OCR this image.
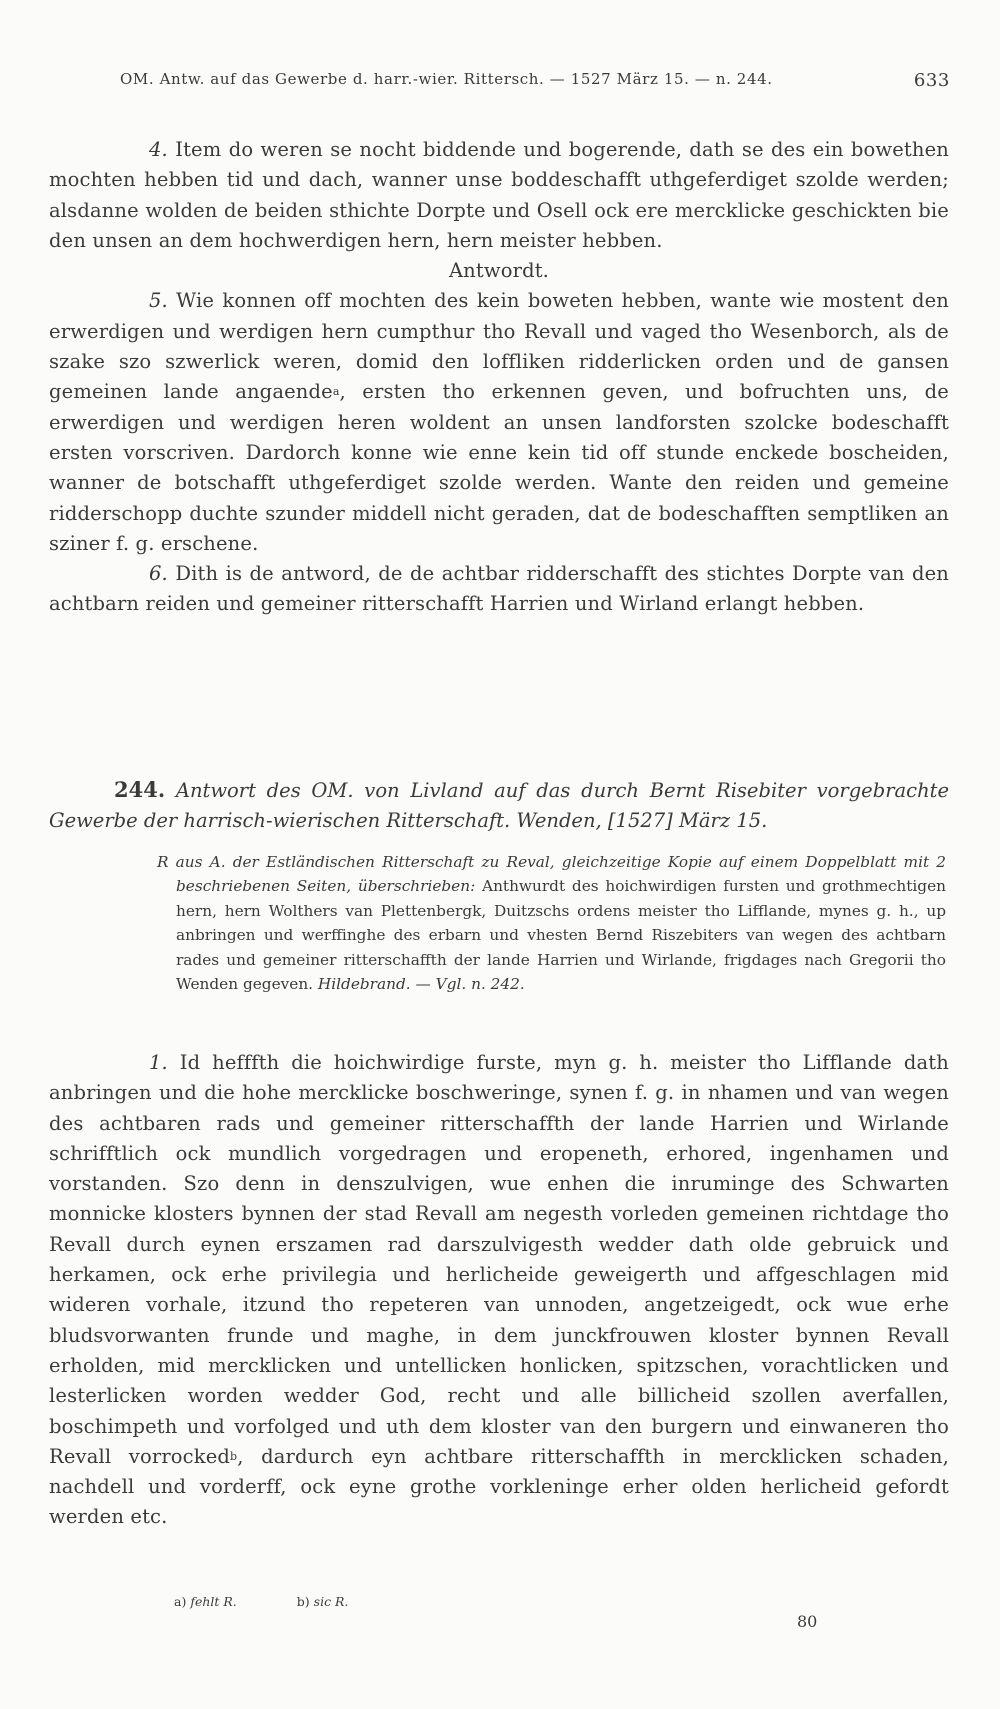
OM. Antw. auf das Gewerbe d. harr.-wier. Rittersch. — 1527 März 15. — n. 244.	633

4. Item do weren se nocht biddende und bogerende, dath se des ein bowethen mochten hebben tid und dach, wanner unse boddeschafft uthgeferdiget szolde werden; alsdanne wolden de beiden sthichte Dorpte und Osell ock ere mercklicke geschickten bie den unsen an dem hochwerdigen hern, hern meister hebben.

Antwordt.

5. Wie konnen off mochten des kein boweten hebben, wante wie mostent den erwerdigen und werdigen hern cumpthur tho Revall und vaged tho Wesenborch, als de szake szo szwerlick weren, domid den lofflikеn ridderlicken orden und de gansen gemeinen lande angaende$^a$, ersten tho erkennen geven, und bofruchten uns, de erwerdigen und werdigen heren woldent an unsen landforsten szolcke bodeschafft ersten vorscriven. Dardorch konne wie enne kein tid off stunde enckede boscheiden, wanner de botschafft uthgeferdiget szolde werden. Wante den reiden und gemeine ridderschopp duchte szunder middell nicht geraden, dat de bodeschafften semptliken an sziner f. g. erschene.

6. Dith is de antword, de de achtbar ridderschafft des stichtes Dorpte van den achtbarn reiden und gemeiner ritterschafft Harrien und Wirland erlangt hebben.

244. Antwort des OM. von Livland auf das durch Bernt Risebiter vorgebrachte Gewerbe der harrisch-wierischen Ritterschaft. Wenden, [1527] März 15.
R aus A. der Estländischen Ritterschaft zu Reval, gleichzeitige Kopie auf einem Doppelblatt mit 2 beschriebenen Seiten, überschrieben: Anthwurdt des hoichwirdigen fursten und grothmechtigen hern, hern Wolthers van Plettenbergk, Duitzschs ordens meister tho Lifflande, mynes g. h., up anbringen und werffinghe des erbarn und vhesten Bernd Riszebiters van wegen des achtbarn rades und gemeiner ritterschaffth der lande Harrien und Wirlande, frigdages nach Gregorii tho Wenden gegeven. Hildebrand. — Vgl. n. 242.

1. Id hefffth die hoichwirdige furste, myn g. h. meister tho Lifflande dath anbringen und die hohe mercklicke boschweringe, synen f. g. in nhamen und van wegen des achtbaren rads und gemeiner ritterschaffth der lande Harrien und Wirlande schrifftlich ock mundlich vorgedragen und eropeneth, erhored, ingenhamen und vorstanden. Szo denn in denszulvigen, wue enhen die inruminge des Schwarten monnicke klosters bynnen der stad Revall am negesth vorleden gemeinen richtdage tho Revall durch eynen erszamen rad darszulvigesth wedder dath olde gebruick und herkamen, ock erhe privilegia und herlicheide geweigerth und affgeschlagen mid wideren vorhale, itzund tho repeteren van unnoden, angetzeigedt, ock wue erhe bludsvorwanten frunde und maghe, in dem junckfrouwen kloster bynnen Revall erholden, mid mercklicken und untellicken honlicken, spitzschen, vorachtlicken und lesterlicken worden wedder God, recht und alle billicheid szollen averfallen, boschimpeth und vorfolged und uth dem kloster van den burgern und einwaneren tho Revall vorrocked$^b$, dardurch eyn achtbare ritterschaffth in mercklicken schaden, nachdell und vorderff, ock eyne grothe vorkleninge erher olden herlicheid gefordt werden etc.

a) fehlt R.	b) sic R.
80
